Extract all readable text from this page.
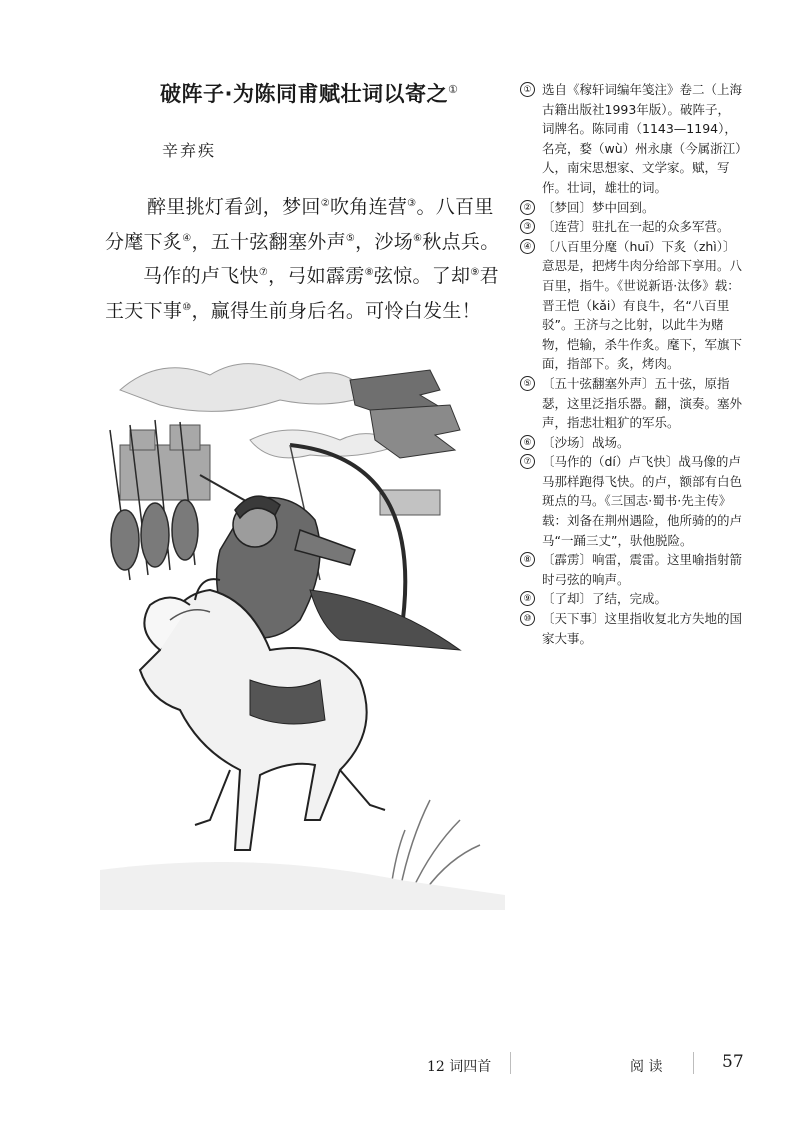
破阵子·为陈同甫赋壮词以寄之①
辛弃疾
醉里挑灯看剑，梦回②吹角连营③。八百里分麾下炙④，五十弦翻塞外声⑤，沙场⑥秋点兵。马作的卢飞快⑦，弓如霹雳⑧弦惊。了却⑨君王天下事⑩，赢得生前身后名。可怜白发生！
① 选自《稼轩词编年笺注》卷二（上海古籍出版社1993年版）。破阵子，词牌名。陈同甫（1143—1194），名亮，婺（wù）州永康（今属浙江）人，南宋思想家、文学家。赋，写作。壮词，雄壮的词。
② 〔梦回〕梦中回到。
③ 〔连营〕驻扎在一起的众多军营。
④ 〔八百里分麾（huī）下炙（zhì）〕意思是，把烤牛肉分给部下享用。八百里，指牛。《世说新语·汰侈》载：晋王恺（kǎi）有良牛，名“八百里驳”。王济与之比射，以此牛为赌物，恺输，杀牛作炙。麾下，军旗下面，指部下。炙，烤肉。
⑤ 〔五十弦翻塞外声〕五十弦，原指瑟，这里泛指乐器。翻，演奏。塞外声，指悲壮粗犷的军乐。
⑥ 〔沙场〕战场。
⑦ 〔马作的（dí）卢飞快〕战马像的卢马那样跑得飞快。的卢，额部有白色斑点的马。《三国志·蜀书·先主传》载：刘备在荆州遇险，他所骑的的卢马“一踊三丈”，驮他脱险。
⑧ 〔霹雳〕响雷，震雷。这里喻指射箭时弓弦的响声。
⑨ 〔了却〕了结，完成。
⑩ 〔天下事〕这里指收复北方失地的国家大事。
12 词四首	阅 读	57
